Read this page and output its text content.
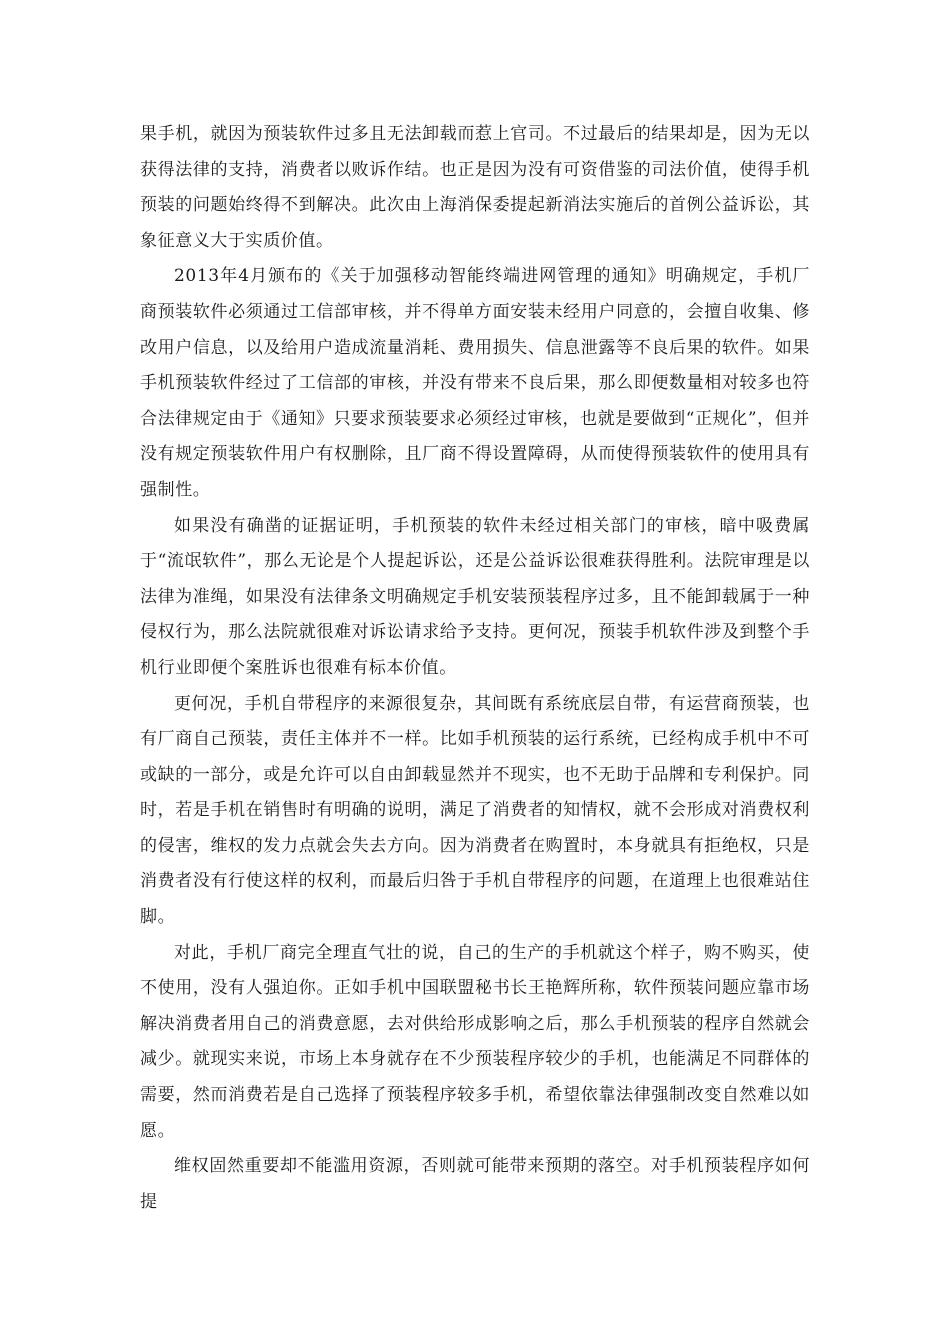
果手机，就因为预装软件过多且无法卸载而惹上官司。不过最后的结果却是，因为无以获得法律的支持，消费者以败诉作结。也正是因为没有可资借鉴的司法价值，使得手机预装的问题始终得不到解决。此次由上海消保委提起新消法实施后的首例公益诉讼，其象征意义大于实质价值。

2013年4月颁布的《关于加强移动智能终端进网管理的通知》明确规定，手机厂商预装软件必须通过工信部审核，并不得单方面安装未经用户同意的，会擅自收集、修改用户信息，以及给用户造成流量消耗、费用损失、信息泄露等不良后果的软件。如果手机预装软件经过了工信部的审核，并没有带来不良后果，那么即便数量相对较多也符合法律规定由于《通知》只要求预装要求必须经过审核，也就是要做到“正规化”，但并没有规定预装软件用户有权删除，且厂商不得设置障碍，从而使得预装软件的使用具有强制性。

如果没有确凿的证据证明，手机预装的软件未经过相关部门的审核，暗中吸费属于“流氓软件”，那么无论是个人提起诉讼，还是公益诉讼很难获得胜利。法院审理是以法律为准绳，如果没有法律条文明确规定手机安装预装程序过多，且不能卸载属于一种侵权行为，那么法院就很难对诉讼请求给予支持。更何况，预装手机软件涉及到整个手机行业即便个案胜诉也很难有标本价值。

更何况，手机自带程序的来源很复杂，其间既有系统底层自带，有运营商预装，也有厂商自己预装，责任主体并不一样。比如手机预装的运行系统，已经构成手机中不可或缺的一部分，或是允许可以自由卸载显然并不现实，也不无助于品牌和专利保护。同时，若是手机在销售时有明确的说明，满足了消费者的知情权，就不会形成对消费权利的侵害，维权的发力点就会失去方向。因为消费者在购置时，本身就具有拒绝权，只是消费者没有行使这样的权利，而最后归咎于手机自带程序的问题，在道理上也很难站住脚。

对此，手机厂商完全理直气壮的说，自己的生产的手机就这个样子，购不购买，使不使用，没有人强迫你。正如手机中国联盟秘书长王艳辉所称，软件预装问题应靠市场解决消费者用自己的消费意愿，去对供给形成影响之后，那么手机预装的程序自然就会减少。就现实来说，市场上本身就存在不少预装程序较少的手机，也能满足不同群体的需要，然而消费若是自己选择了预装程序较多手机，希望依靠法律强制改变自然难以如愿。

维权固然重要却不能滥用资源，否则就可能带来预期的落空。对手机预装程序如何提
